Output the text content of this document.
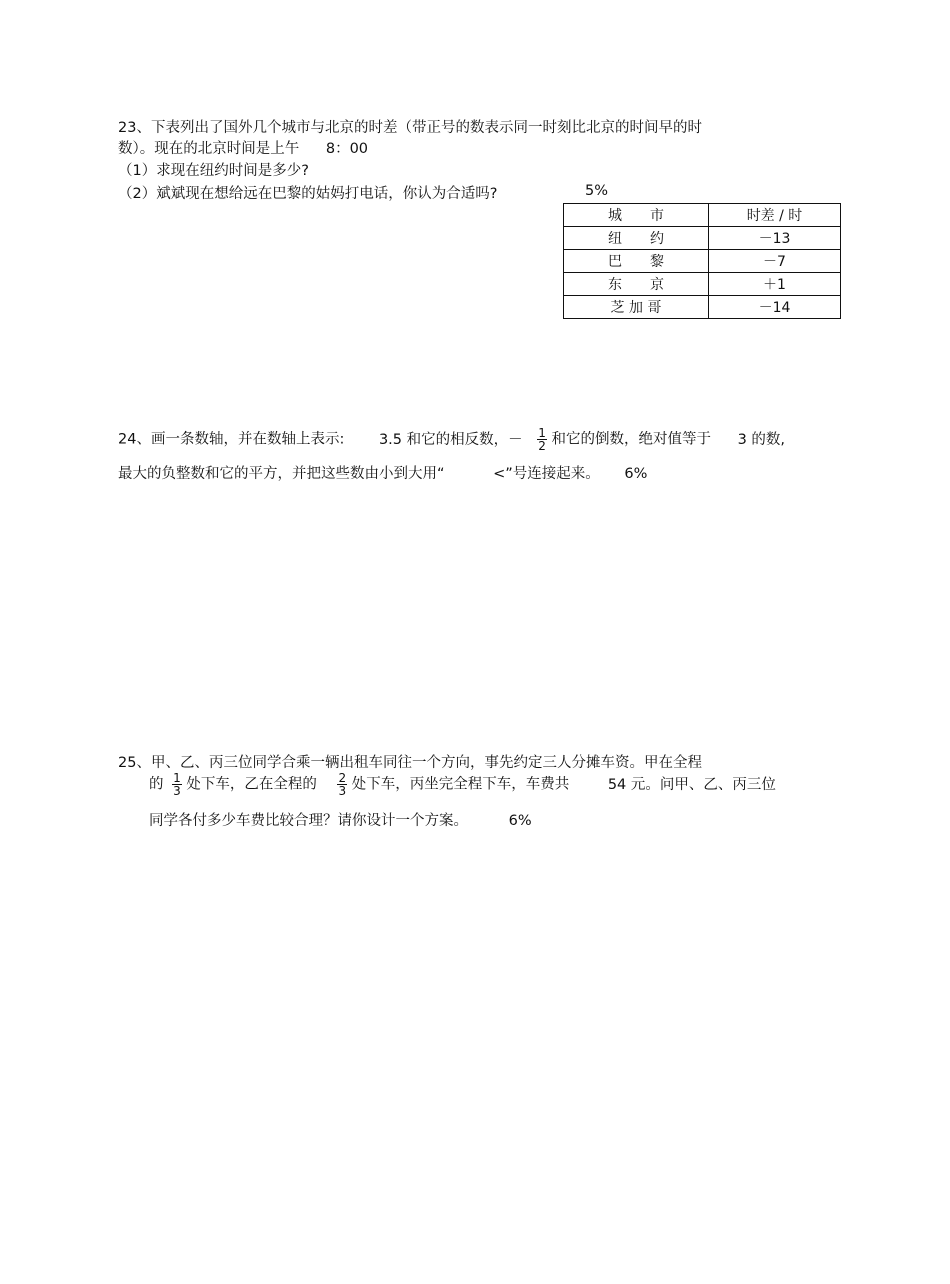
23、下表列出了国外几个城市与北京的时差（带正号的数表示同一时刻比北京的时间早的时
数）。现在的北京时间是上午 8：00
（1）求现在纽约时间是多少?
（2）斌斌现在想给远在巴黎的姑妈打电话，你认为合适吗?	5%
城　　市	时差 / 时
纽　　约	－13
巴　　黎	－7
东　　京	＋1
芝 加 哥	－14
24、画一条数轴，并在数轴上表示: 3.5 和它的相反数，－ $\frac{1}{2}$ 和它的倒数，绝对值等于 3 的数,
最大的负整数和它的平方，并把这些数由小到大用“	<”号连接起来。 6%
25、甲、乙、丙三位同学合乘一辆出租车同往一个方向，事先约定三人分摊车资。甲在全程
的 $\frac{1}{3}$ 处下车，乙在全程的 $\frac{2}{3}$ 处下车，丙坐完全程下车，车费共	54 元。问甲、乙、丙三位
同学各付多少车费比较合理？请你设计一个方案。	6%
